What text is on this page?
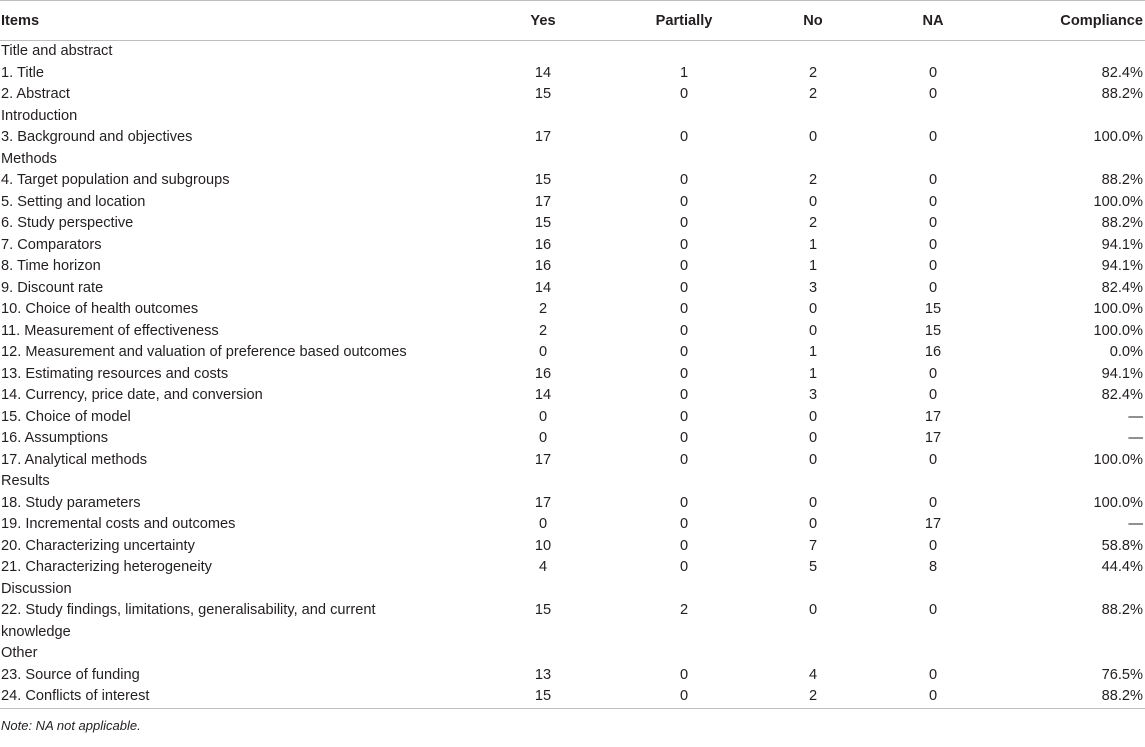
Items	Yes	Partially	No	NA	Compliance
Title and abstract					
1. Title	14	1	2	0	82.4%
2. Abstract	15	0	2	0	88.2%
Introduction					
3. Background and objectives	17	0	0	0	100.0%
Methods					
4. Target population and subgroups	15	0	2	0	88.2%
5. Setting and location	17	0	0	0	100.0%
6. Study perspective	15	0	2	0	88.2%
7. Comparators	16	0	1	0	94.1%
8. Time horizon	16	0	1	0	94.1%
9. Discount rate	14	0	3	0	82.4%
10. Choice of health outcomes	2	0	0	15	100.0%
11. Measurement of effectiveness	2	0	0	15	100.0%
12. Measurement and valuation of preference based outcomes	0	0	1	16	0.0%
13. Estimating resources and costs	16	0	1	0	94.1%
14. Currency, price date, and conversion	14	0	3	0	82.4%
15. Choice of model	0	0	0	17	—
16. Assumptions	0	0	0	17	—
17. Analytical methods	17	0	0	0	100.0%
Results					
18. Study parameters	17	0	0	0	100.0%
19. Incremental costs and outcomes	0	0	0	17	—
20. Characterizing uncertainty	10	0	7	0	58.8%
21. Characterizing heterogeneity	4	0	5	8	44.4%
Discussion					
22. Study findings, limitations, generalisability, and current knowledge	15	2	0	0	88.2%
Other					
23. Source of funding	13	0	4	0	76.5%
24. Conflicts of interest	15	0	2	0	88.2%
Note: NA not applicable.
